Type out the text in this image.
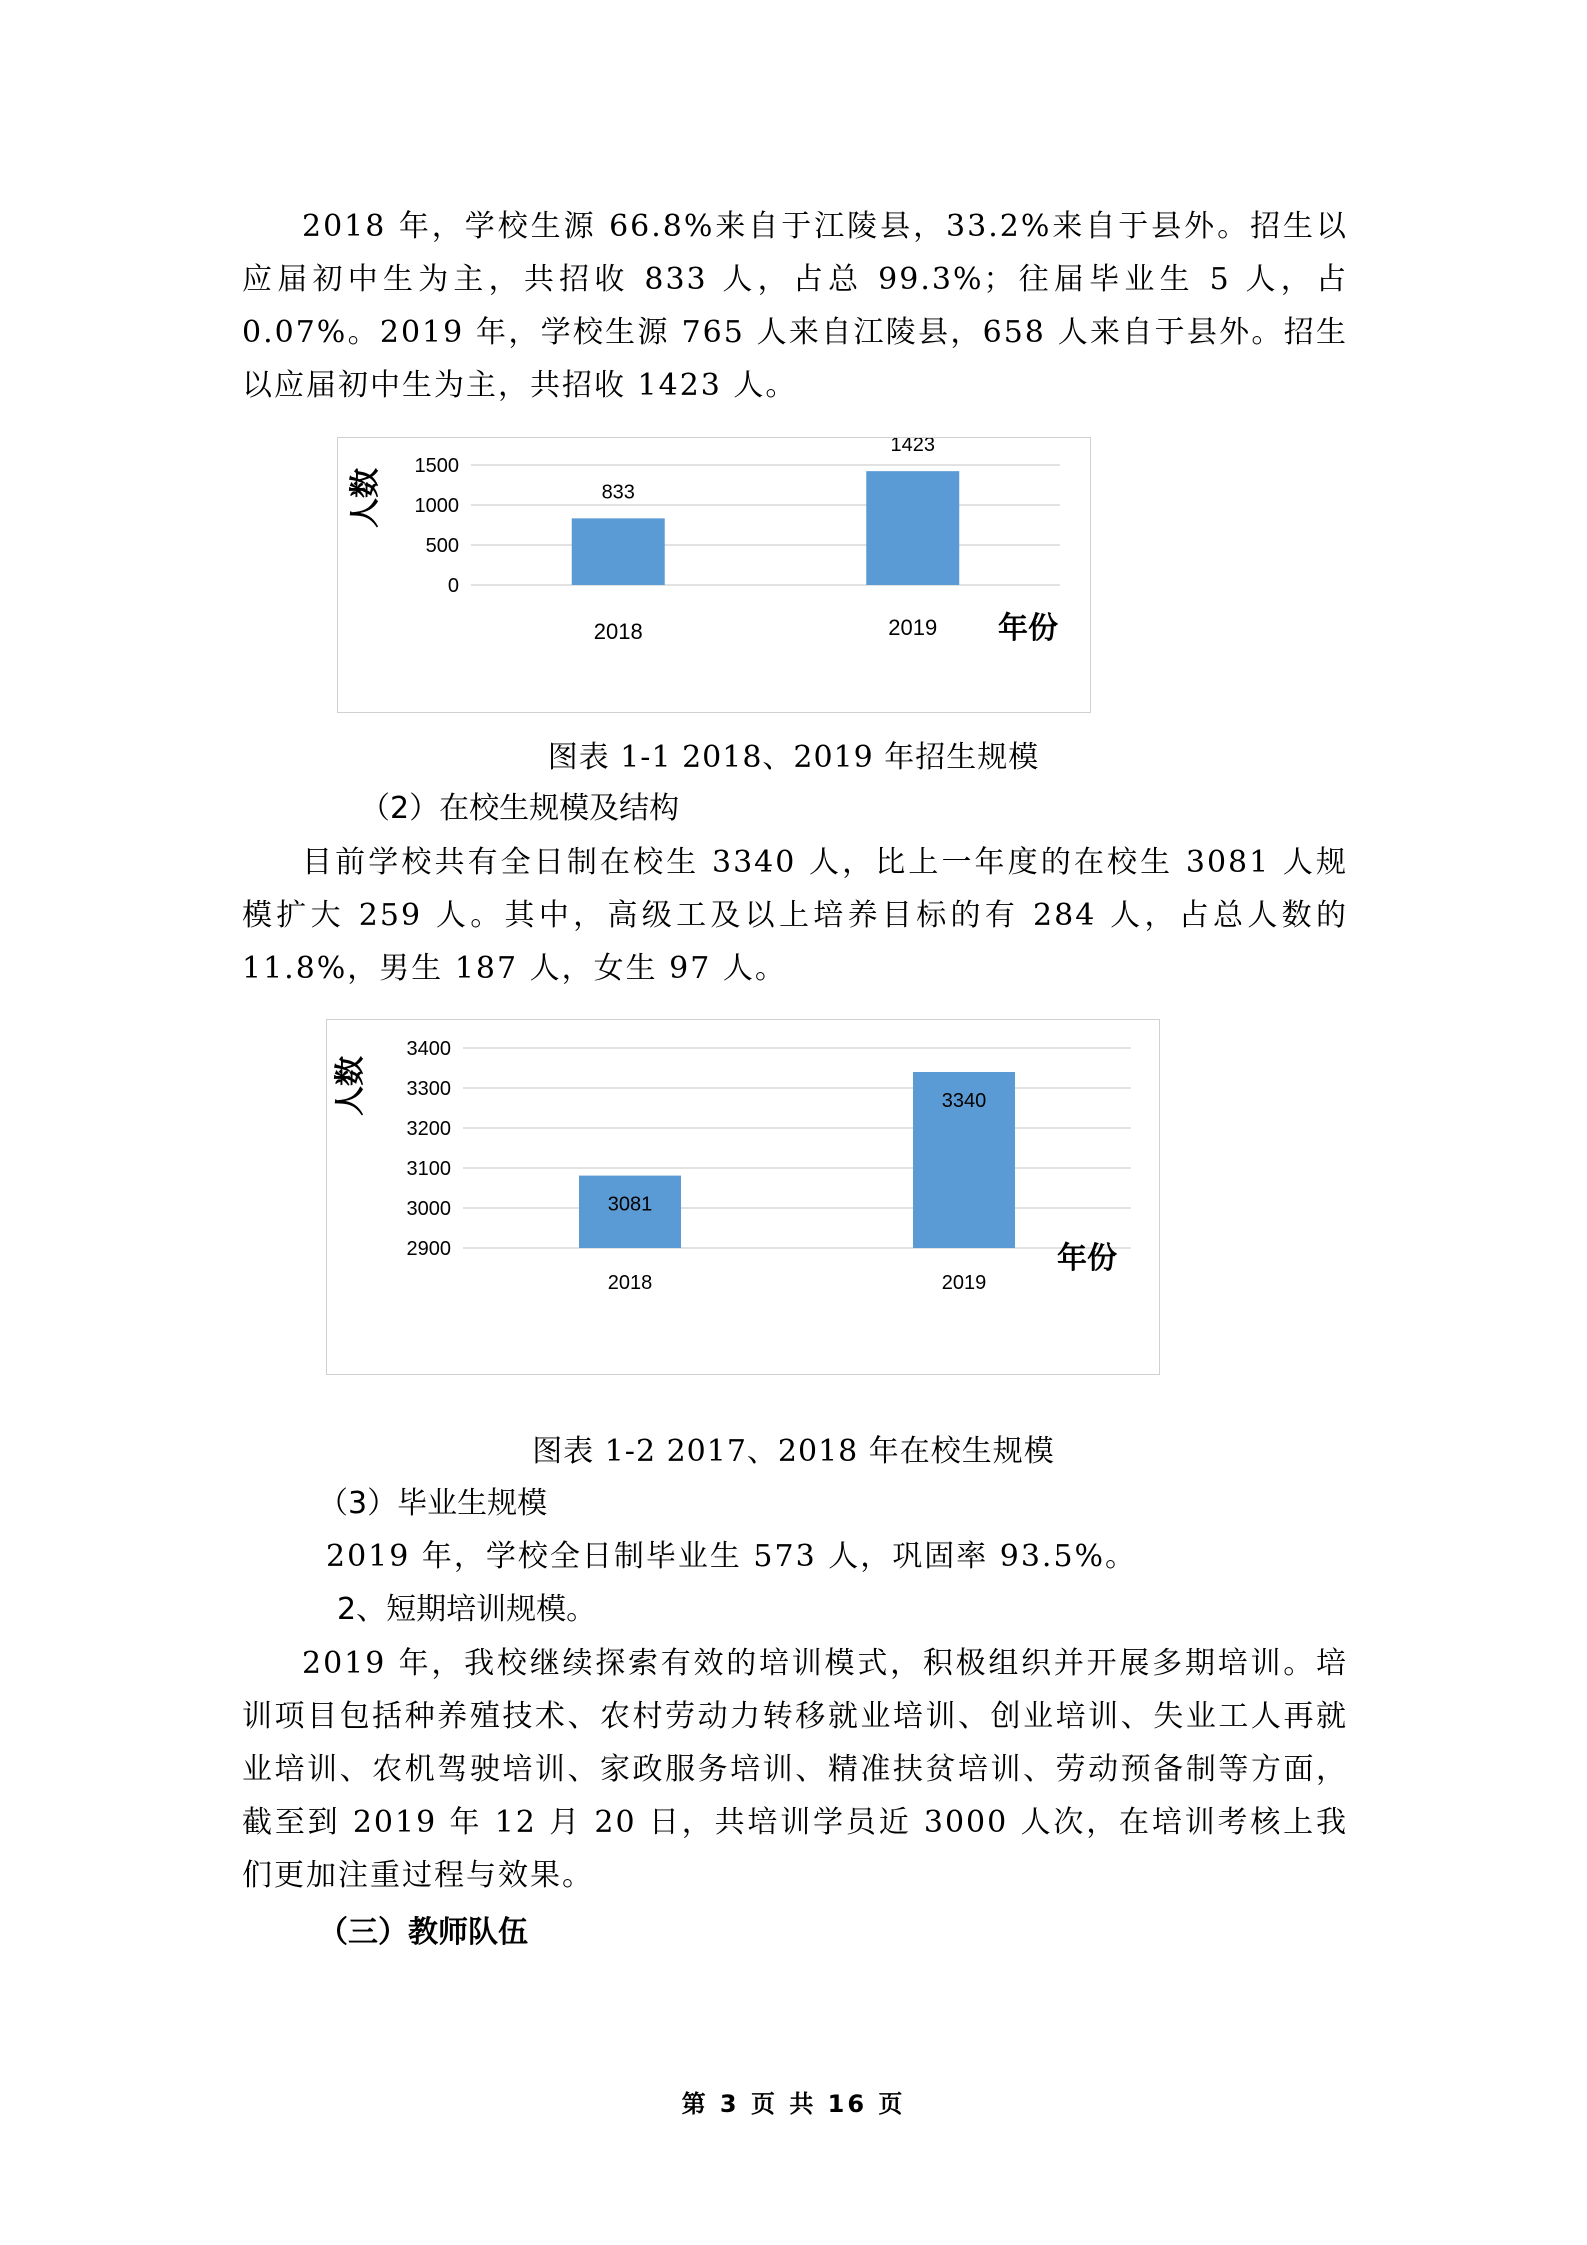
2018 年，学校生源 66.8%来自于江陵县，33.2%来自于县外。招生以应届初中生为主，共招收 833 人，占总 99.3%；往届毕业生 5 人，占 0.07%。2019 年，学校生源 765 人来自江陵县，658 人来自于县外。招生以应届初中生为主，共招收 1423 人。

0
500
1000
1500
833
2018
1423
2019
人数
年份

图表 1-1 2018、2019 年招生规模

（2）在校生规模及结构

目前学校共有全日制在校生 3340 人，比上一年度的在校生 3081 人规模扩大 259 人。其中，高级工及以上培养目标的有 284 人，占总人数的 11.8%，男生 187 人，女生 97 人。

2900
3000
3100
3200
3300
3400
3081
2018
3340
2019
人数
年份

图表 1-2 2017、2018 年在校生规模

（3）毕业生规模

2019 年，学校全日制毕业生 573 人，巩固率 93.5%。

2、短期培训规模。

2019 年，我校继续探索有效的培训模式，积极组织并开展多期培训。培训项目包括种养殖技术、农村劳动力转移就业培训、创业培训、失业工人再就业培训、农机驾驶培训、家政服务培训、精准扶贫培训、劳动预备制等方面，截至到 2019 年 12 月 20 日，共培训学员近 3000 人次，在培训考核上我们更加注重过程与效果。

（三）教师队伍

第 3 页 共 16 页
